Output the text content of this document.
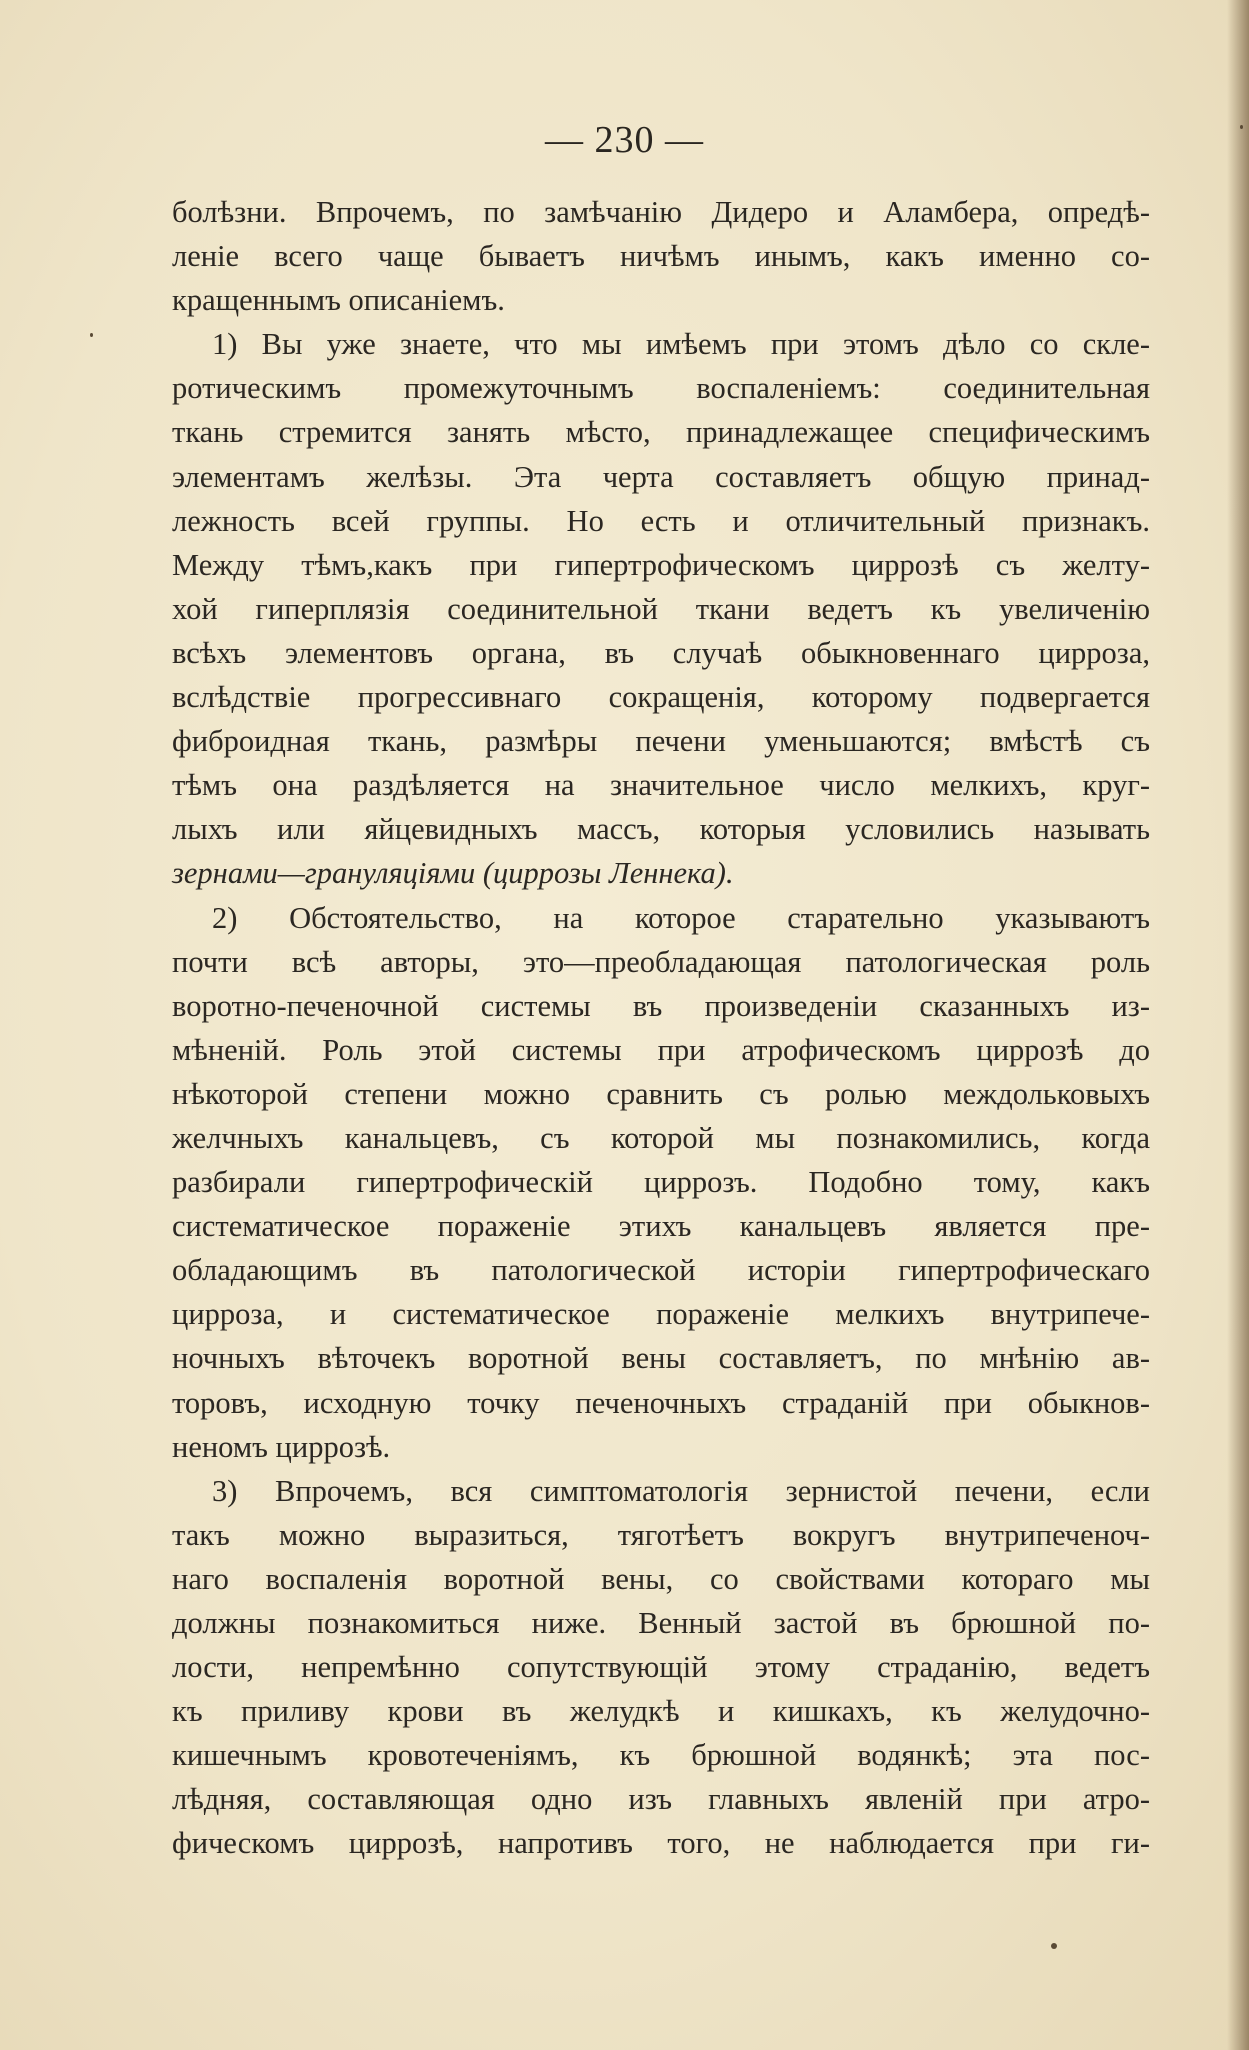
— 230 —
болѣзни. Впрочемъ, по замѣчанію Дидеро и Аламбера, опредѣ-
леніе всего чаще бываетъ ничѣмъ инымъ, какъ именно со-
кращеннымъ описаніемъ.
1) Вы уже знаете, что мы имѣемъ при этомъ дѣло со скле-
ротическимъ промежуточнымъ воспаленіемъ: соединительная
ткань стремится занять мѣсто, принадлежащее специфическимъ
элементамъ желѣзы. Эта черта составляетъ общую принад-
лежность всей группы. Но есть и отличительный признакъ.
Между тѣмъ,какъ при гипертрофическомъ циррозѣ съ желту-
хой гиперплязія соединительной ткани ведетъ къ увеличенію
всѣхъ элементовъ органа, въ случаѣ обыкновеннаго цирроза,
вслѣдствіе прогрессивнаго сокращенія, которому подвергается
фиброидная ткань, размѣры печени уменьшаются; вмѣстѣ съ
тѣмъ она раздѣляется на значительное число мелкихъ, круг-
лыхъ или яйцевидныхъ массъ, которыя условились называть
зернами—грануляціями (циррозы Леннека).
2) Обстоятельство, на которое старательно указываютъ
почти всѣ авторы, это—преобладающая патологическая роль
воротно-печеночной системы въ произведеніи сказанныхъ из-
мѣненій. Роль этой системы при атрофическомъ циррозѣ до
нѣкоторой степени можно сравнить съ ролью междольковыхъ
желчныхъ канальцевъ, съ которой мы познакомились, когда
разбирали гипертрофическій циррозъ. Подобно тому, какъ
систематическое пораженіе этихъ канальцевъ является пре-
обладающимъ въ патологической исторіи гипертрофическаго
цирроза, и систематическое пораженіе мелкихъ внутрипече-
ночныхъ вѣточекъ воротной вены составляетъ, по мнѣнію ав-
торовъ, исходную точку печеночныхъ страданій при обыкнов-
неномъ циррозѣ.
3) Впрочемъ, вся симптоматологія зернистой печени, если
такъ можно выразиться, тяготѣетъ вокругъ внутрипеченоч-
наго воспаленія воротной вены, со свойствами котораго мы
должны познакомиться ниже. Венный застой въ брюшной по-
лости, непремѣнно сопутствующій этому страданію, ведетъ
къ приливу крови въ желудкѣ и кишкахъ, къ желудочно-
кишечнымъ кровотеченіямъ, къ брюшной водянкѣ; эта пос-
лѣдняя, составляющая одно изъ главныхъ явленій при атро-
фическомъ циррозѣ, напротивъ того, не наблюдается при ги-
